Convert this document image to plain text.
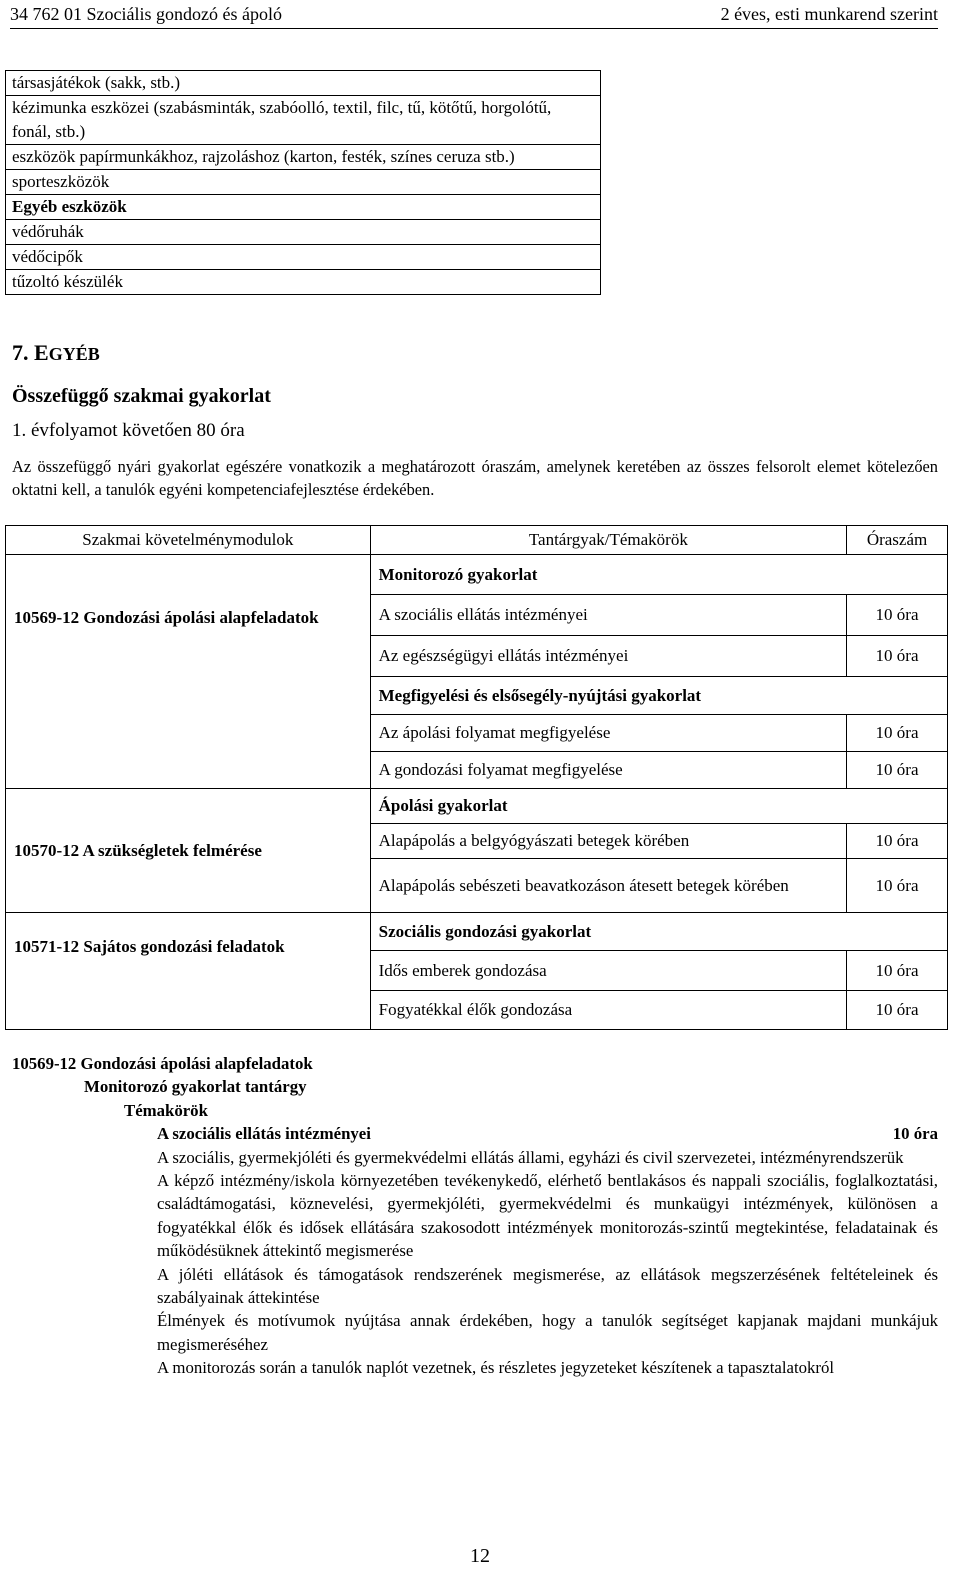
34 762 01 Szociális gondozó és ápoló	2 éves, esti munkarend szerint
társasjátékok (sakk, stb.)
kézimunka eszközei (szabásminták, szabóolló, textil, filc, tű, kötőtű, horgolótű, fonál, stb.)
eszközök papírmunkákhoz, rajzoláshoz (karton, festék, színes ceruza stb.)
sporteszközök
Egyéb eszközök
védőruhák
védőcipők
tűzoltó készülék
7. EGYÉB
Összefüggő szakmai gyakorlat
1. évfolyamot követően 80 óra
Az összefüggő nyári gyakorlat egészére vonatkozik a meghatározott óraszám, amelynek keretében az összes felsorolt elemet kötelezően oktatni kell, a tanulók egyéni kompetenciafejlesztése érdekében.
Szakmai követelménymodulok	Tantárgyak/Témakörök	Óraszám
10569-12 Gondozási ápolási alapfeladatok	Monitorozó gyakorlat	
	A szociális ellátás intézményei	10 óra
	Az egészségügyi ellátás intézményei	10 óra
	Megfigyelési és elsősegély-nyújtási gyakorlat	
	Az ápolási folyamat megfigyelése	10 óra
	A gondozási folyamat megfigyelése	10 óra
10570-12 A szükségletek felmérése	Ápolási gyakorlat	
	Alapápolás a belgyógyászati betegek körében	10 óra
	Alapápolás sebészeti beavatkozáson átesett betegek körében	10 óra
10571-12 Sajátos gondozási feladatok	Szociális gondozási gyakorlat	
	Idős emberek gondozása	10 óra
	Fogyatékkal élők gondozása	10 óra
10569-12 Gondozási ápolási alapfeladatok
Monitorozó gyakorlat tantárgy
Témakörök
A szociális ellátás intézményei	10 óra
A szociális, gyermekjóléti és gyermekvédelmi ellátás állami, egyházi és civil szervezetei, intézményrendszerük
A képző intézmény/iskola környezetében tevékenykedő, elérhető bentlakásos és nappali szociális, foglalkoztatási, családtámogatási, köznevelési, gyermekjóléti, gyermekvédelmi és munkaügyi intézmények, különösen a fogyatékkal élők és idősek ellátására szakosodott intézmények monitorozás-szintű megtekintése, feladatainak és működésüknek áttekintő megismerése
A jóléti ellátások és támogatások rendszerének megismerése, az ellátások megszerzésének feltételeinek és szabályainak áttekintése
Élmények és motívumok nyújtása annak érdekében, hogy a tanulók segítséget kapjanak majdani munkájuk megismeréséhez
A monitorozás során a tanulók naplót vezetnek, és részletes jegyzeteket készítenek a tapasztalatokról
12
